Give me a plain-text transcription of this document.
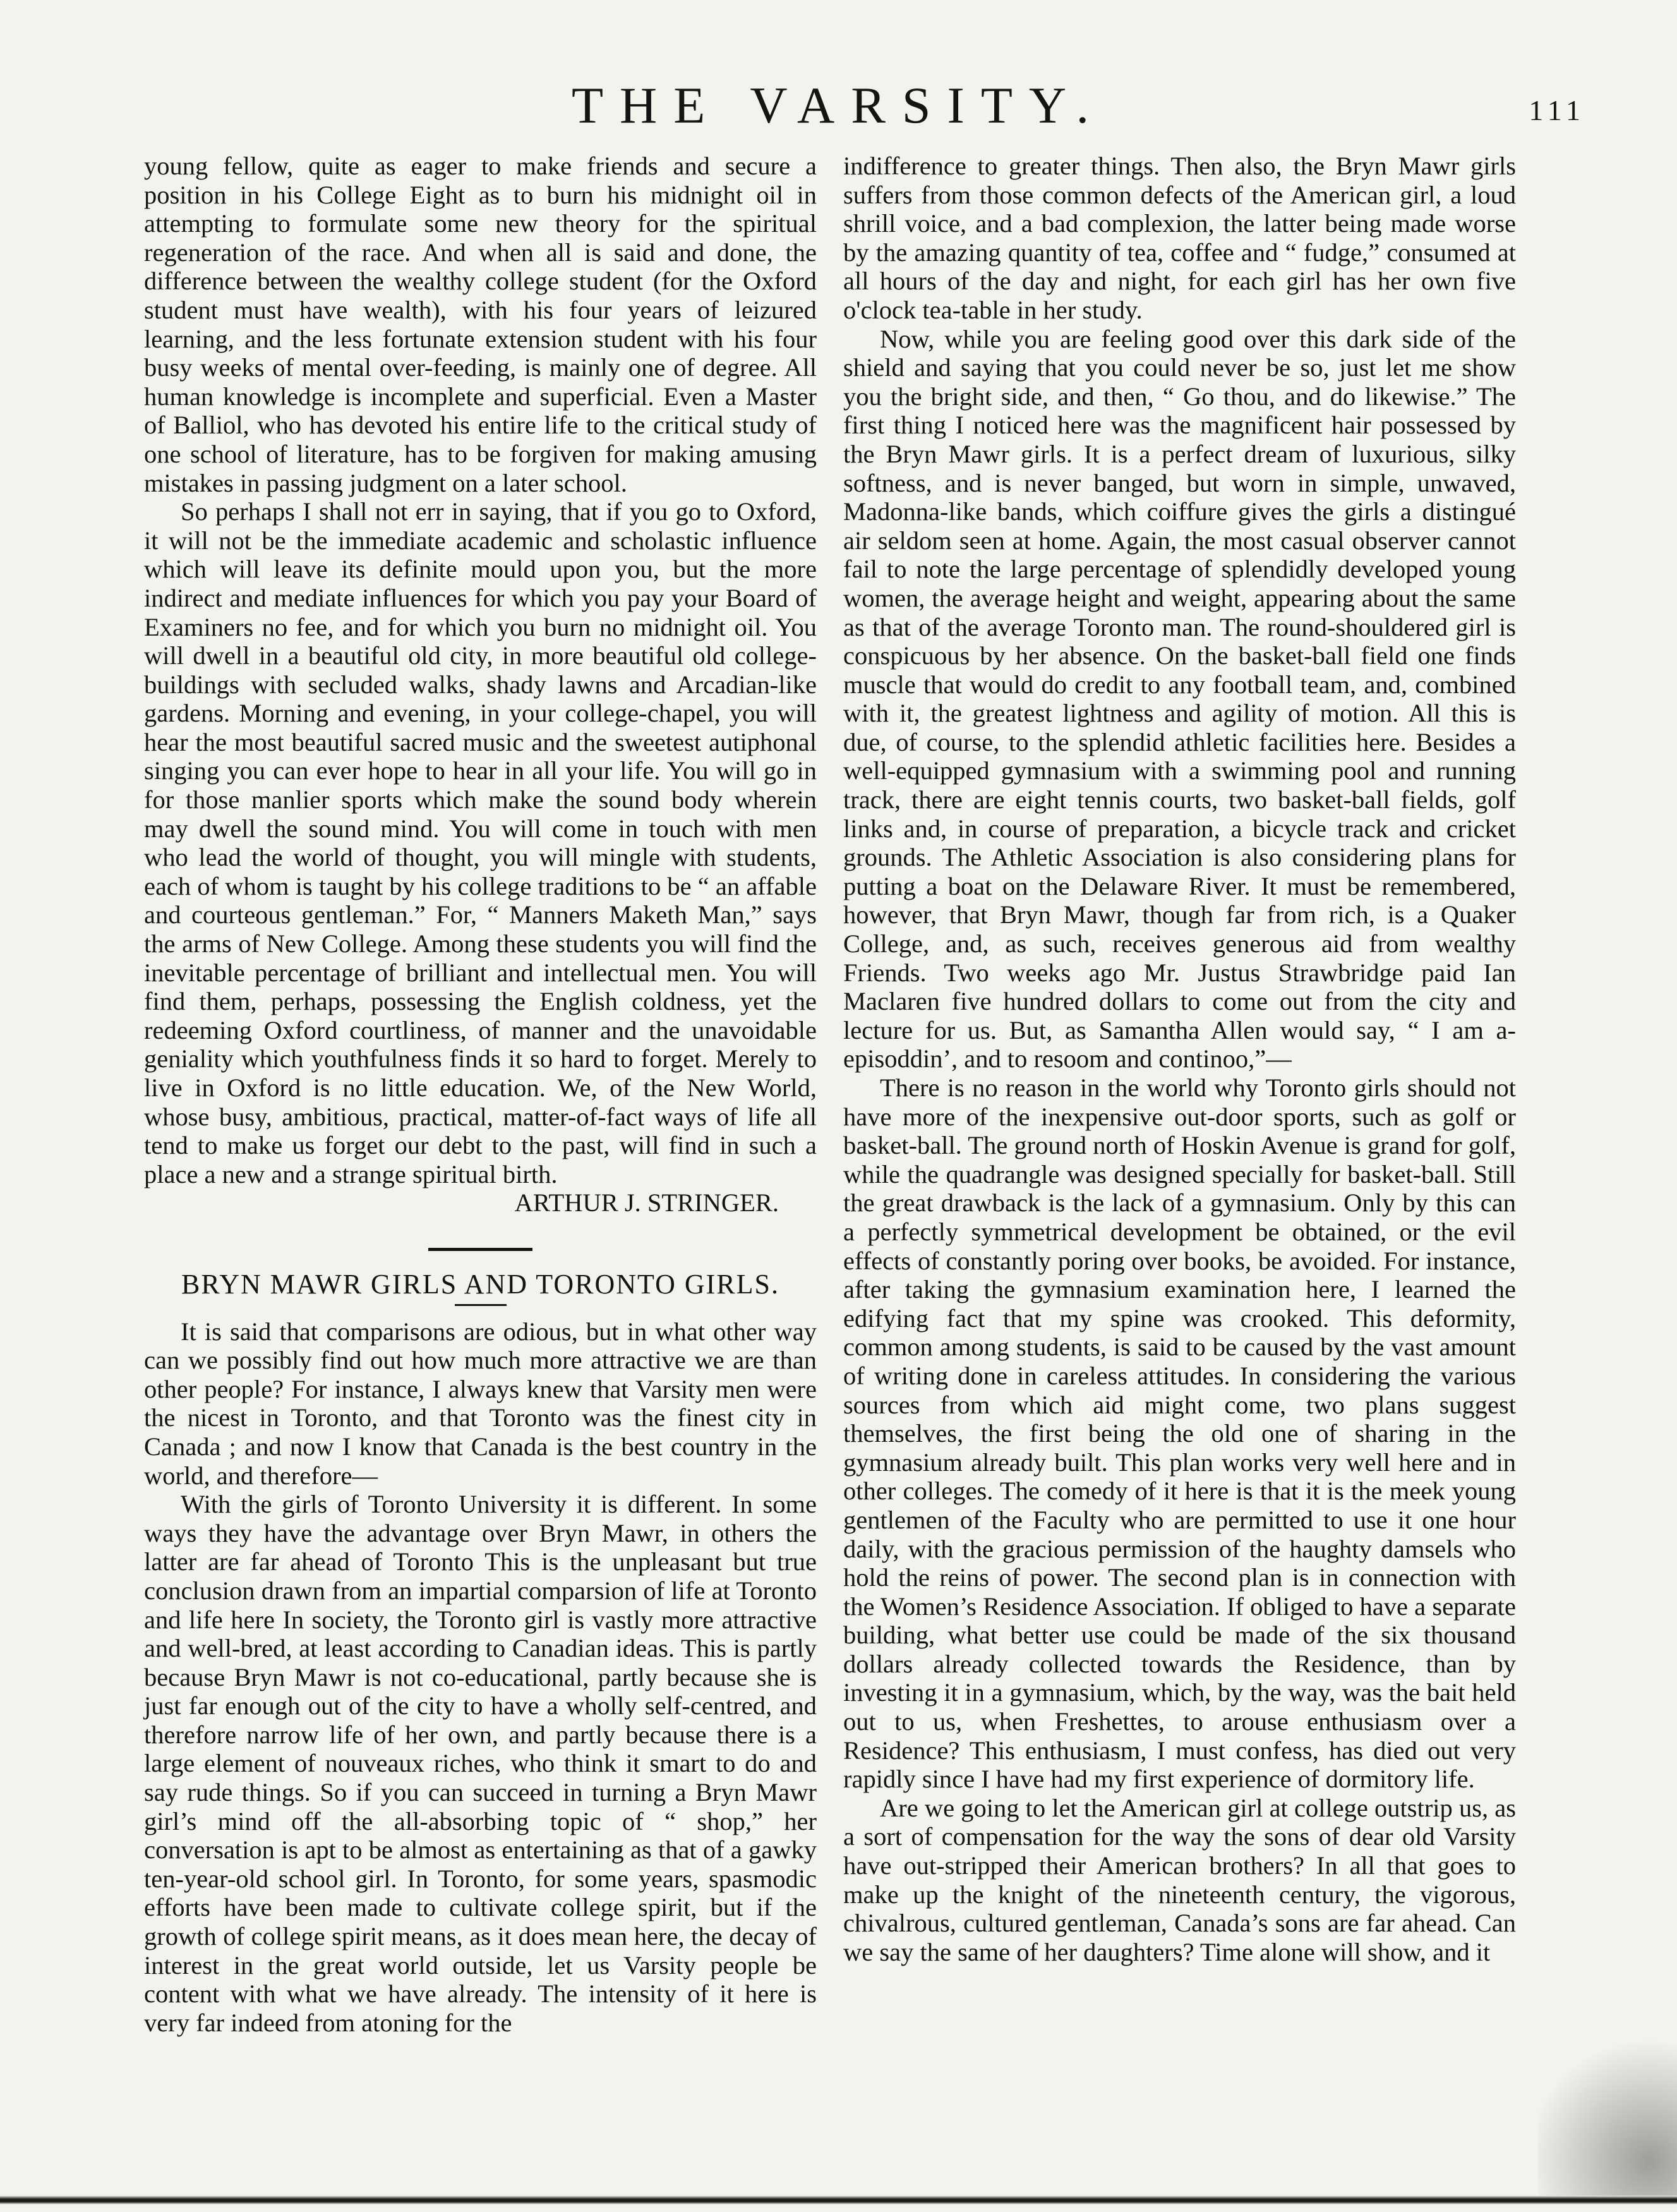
THE VARSITY.	111

young fellow, quite as eager to make friends and secure a position in his College Eight as to burn his midnight oil in attempting to formulate some new theory for the spiritual regeneration of the race. And when all is said and done, the difference between the wealthy college student (for the Oxford student must have wealth), with his four years of leizured learning, and the less fortunate extension student with his four busy weeks of mental over-feeding, is mainly one of degree. All human knowledge is incomplete and superficial. Even a Master of Balliol, who has devoted his entire life to the critical study of one school of literature, has to be forgiven for making amusing mistakes in passing judgment on a later school.

So perhaps I shall not err in saying, that if you go to Oxford, it will not be the immediate academic and scholastic influence which will leave its definite mould upon you, but the more indirect and mediate influences for which you pay your Board of Examiners no fee, and for which you burn no midnight oil. You will dwell in a beautiful old city, in more beautiful old college-buildings with secluded walks, shady lawns and Arcadian-like gardens. Morning and evening, in your college-chapel, you will hear the most beautiful sacred music and the sweetest autiphonal singing you can ever hope to hear in all your life. You will go in for those manlier sports which make the sound body wherein may dwell the sound mind. You will come in touch with men who lead the world of thought, you will mingle with students, each of whom is taught by his college traditions to be “ an affable and courteous gentleman.” For, “ Manners Maketh Man,” says the arms of New College. Among these students you will find the inevitable percentage of brilliant and intellectual men. You will find them, perhaps, possessing the English coldness, yet the redeeming Oxford courtliness, of manner and the unavoidable geniality which youthfulness finds it so hard to forget. Merely to live in Oxford is no little education. We, of the New World, whose busy, ambitious, practical, matter-of-fact ways of life all tend to make us forget our debt to the past, will find in such a place a new and a strange spiritual birth.

ARTHUR J. STRINGER.
BRYN MAWR GIRLS AND TORONTO GIRLS.

It is said that comparisons are odious, but in what other way can we possibly find out how much more attractive we are than other people? For instance, I always knew that Varsity men were the nicest in Toronto, and that Toronto was the finest city in Canada ; and now I know that Canada is the best country in the world, and therefore—

With the girls of Toronto University it is different. In some ways they have the advantage over Bryn Mawr, in others the latter are far ahead of Toronto This is the unpleasant but true conclusion drawn from an impartial comparsion of life at Toronto and life here In society, the Toronto girl is vastly more attractive and well-bred, at least according to Canadian ideas. This is partly because Bryn Mawr is not co-educational, partly because she is just far enough out of the city to have a wholly self-centred, and therefore narrow life of her own, and partly because there is a large element of nouveaux riches, who think it smart to do and say rude things. So if you can succeed in turning a Bryn Mawr girl’s mind off the all-absorbing topic of “ shop,” her conversation is apt to be almost as entertaining as that of a gawky ten-year-old school girl. In Toronto, for some years, spasmodic efforts have been made to cultivate college spirit, but if the growth of college spirit means, as it does mean here, the decay of interest in the great world outside, let us Varsity people be content with what we have already. The intensity of it here is very far indeed from atoning for the

indifference to greater things. Then also, the Bryn Mawr girls suffers from those common defects of the American girl, a loud shrill voice, and a bad complexion, the latter being made worse by the amazing quantity of tea, coffee and “ fudge,” consumed at all hours of the day and night, for each girl has her own five o'clock tea-table in her study.

Now, while you are feeling good over this dark side of the shield and saying that you could never be so, just let me show you the bright side, and then, “ Go thou, and do likewise.” The first thing I noticed here was the magnificent hair possessed by the Bryn Mawr girls. It is a perfect dream of luxurious, silky softness, and is never banged, but worn in simple, unwaved, Madonna-like bands, which coiffure gives the girls a distingué air seldom seen at home. Again, the most casual observer cannot fail to note the large percentage of splendidly developed young women, the average height and weight, appearing about the same as that of the average Toronto man. The round-shouldered girl is conspicuous by her absence. On the basket-ball field one finds muscle that would do credit to any football team, and, combined with it, the greatest lightness and agility of motion. All this is due, of course, to the splendid athletic facilities here. Besides a well-equipped gymnasium with a swimming pool and running track, there are eight tennis courts, two basket-ball fields, golf links and, in course of preparation, a bicycle track and cricket grounds. The Athletic Association is also considering plans for putting a boat on the Delaware River. It must be remembered, however, that Bryn Mawr, though far from rich, is a Quaker College, and, as such, receives generous aid from wealthy Friends. Two weeks ago Mr. Justus Strawbridge paid Ian Maclaren five hundred dollars to come out from the city and lecture for us. But, as Samantha Allen would say, “ I am a-episoddin’, and to resoom and continoo,”—

There is no reason in the world why Toronto girls should not have more of the inexpensive out-door sports, such as golf or basket-ball. The ground north of Hoskin Avenue is grand for golf, while the quadrangle was designed specially for basket-ball. Still the great drawback is the lack of a gymnasium. Only by this can a perfectly symmetrical development be obtained, or the evil effects of constantly poring over books, be avoided. For instance, after taking the gymnasium examination here, I learned the edifying fact that my spine was crooked. This deformity, common among students, is said to be caused by the vast amount of writing done in careless attitudes. In considering the various sources from which aid might come, two plans suggest themselves, the first being the old one of sharing in the gymnasium already built. This plan works very well here and in other colleges. The comedy of it here is that it is the meek young gentlemen of the Faculty who are permitted to use it one hour daily, with the gracious permission of the haughty damsels who hold the reins of power. The second plan is in connection with the Women’s Residence Association. If obliged to have a separate building, what better use could be made of the six thousand dollars already collected towards the Residence, than by investing it in a gymnasium, which, by the way, was the bait held out to us, when Freshettes, to arouse enthusiasm over a Residence? This enthusiasm, I must confess, has died out very rapidly since I have had my first experience of dormitory life.

Are we going to let the American girl at college outstrip us, as a sort of compensation for the way the sons of dear old Varsity have out-stripped their American brothers? In all that goes to make up the knight of the nineteenth century, the vigorous, chivalrous, cultured gentleman, Canada’s sons are far ahead. Can we say the same of her daughters? Time alone will show, and it
